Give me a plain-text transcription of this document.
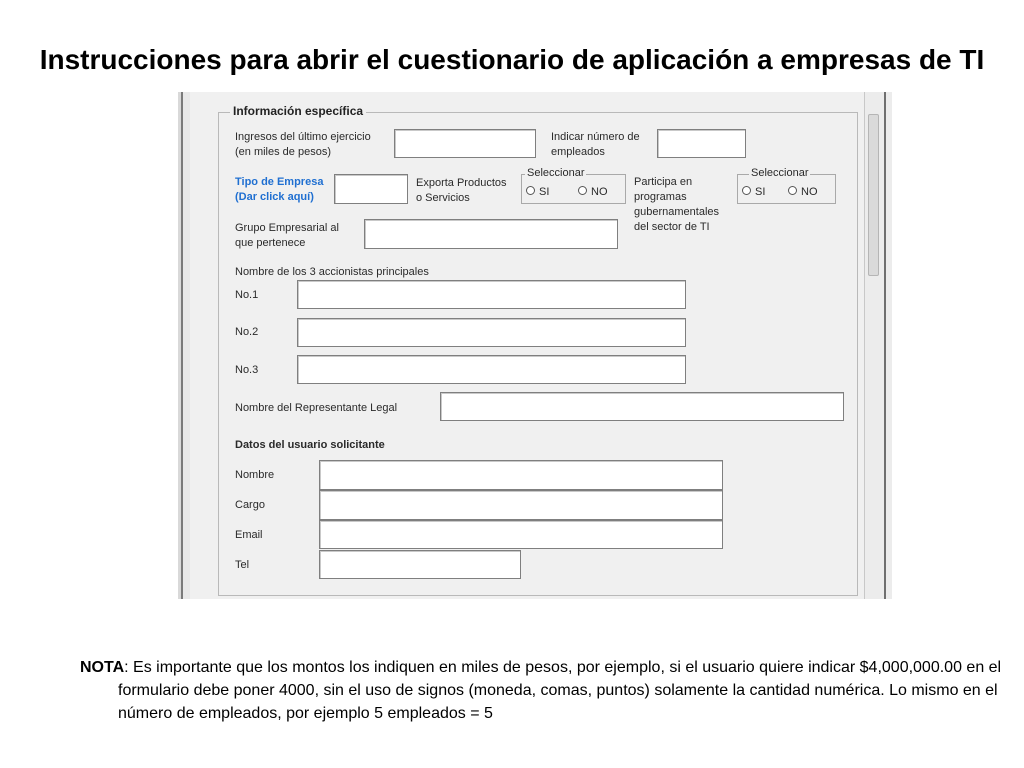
Instrucciones para abrir el cuestionario de aplicación a empresas de TI
Información específica
Ingresos del último ejercicio
(en miles de pesos)
Indicar número de
empleados
Tipo de Empresa
(Dar click aquí)
Exporta Productos
o Servicios
Seleccionar
SI	NO
Participa en
programas
gubernamentales
del sector de TI
Seleccionar
SI	NO
Grupo Empresarial al
que pertenece
Nombre de los 3 accionistas principales
No.1
No.2
No.3
Nombre del Representante Legal
Datos del usuario solicitante
Nombre
Cargo
Email
Tel
NOTA: Es importante que los montos los indiquen en miles de pesos, por ejemplo, si el usuario quiere indicar $4,000,000.00 en el formulario debe poner 4000, sin el uso de signos (moneda, comas, puntos) solamente la cantidad numérica. Lo mismo en el número de empleados, por ejemplo 5 empleados = 5
